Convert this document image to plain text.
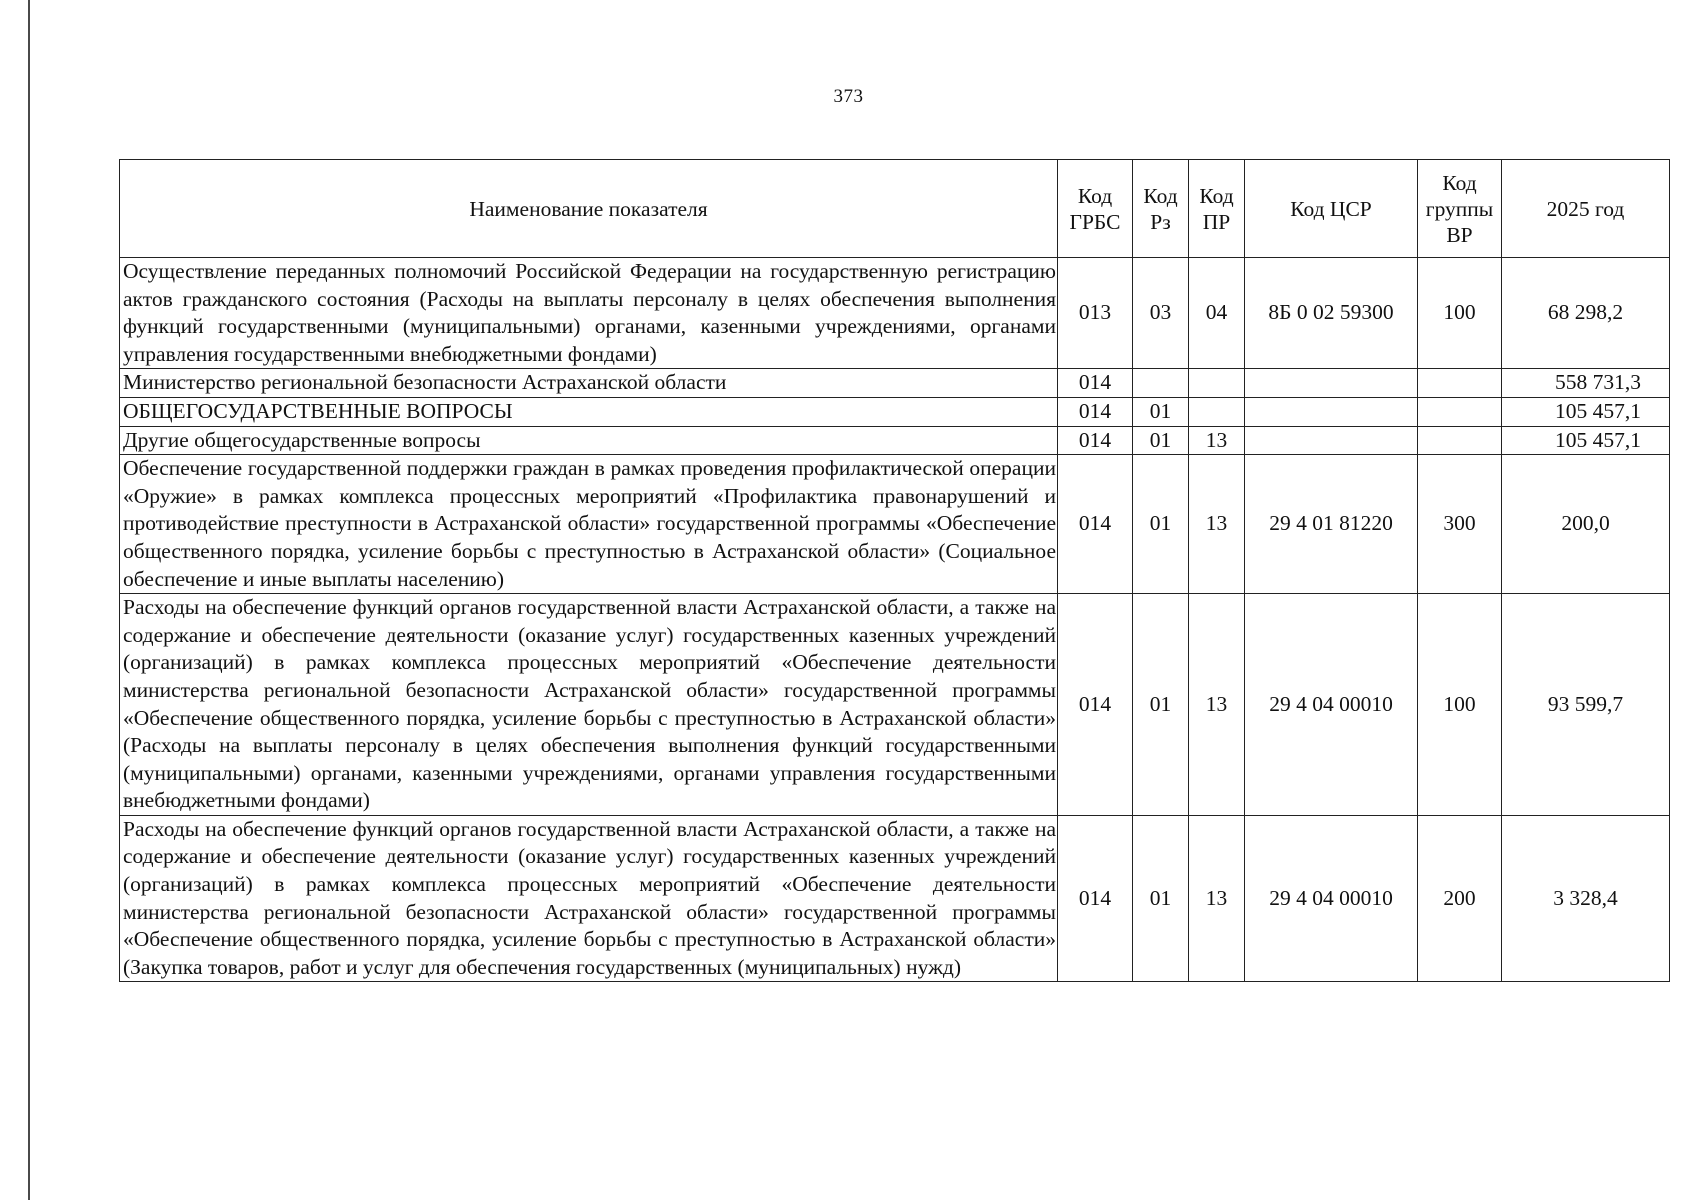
373
Наименование показателя	Код ГРБС	Код Рз	Код ПР	Код ЦСР	Код группы ВР	2025 год
Осуществление переданных полномочий Российской Федерации на государственную регистрацию актов гражданского состояния (Расходы на выплаты персоналу в целях обеспечения выполнения функций государственными (муниципальными) органами, казенными учреждениями, органами управления государственными внебюджетными фондами)	013	03	04	8Б 0 02 59300	100	68 298,2
Министерство региональной безопасности Астраханской области	014					558 731,3
ОБЩЕГОСУДАРСТВЕННЫЕ ВОПРОСЫ	014	01				105 457,1
Другие общегосударственные вопросы	014	01	13			105 457,1
Обеспечение государственной поддержки граждан в рамках проведения профилактической операции «Оружие» в рамках комплекса процессных мероприятий «Профилактика правонарушений и противодействие преступности в Астраханской области» государственной программы «Обеспечение общественного порядка, усиление борьбы с преступностью в Астраханской области» (Социальное обеспечение и иные выплаты населению)	014	01	13	29 4 01 81220	300	200,0
Расходы на обеспечение функций органов государственной власти Астраханской области, а также на содержание и обеспечение деятельности (оказание услуг) государственных казенных учреждений (организаций) в рамках комплекса процессных мероприятий «Обеспечение деятельности министерства региональной безопасности Астраханской области» государственной программы «Обеспечение общественного порядка, усиление борьбы с преступностью в Астраханской области» (Расходы на выплаты персоналу в целях обеспечения выполнения функций государственными (муниципальными) органами, казенными учреждениями, органами управления государственными внебюджетными фондами)	014	01	13	29 4 04 00010	100	93 599,7
Расходы на обеспечение функций органов государственной власти Астраханской области, а также на содержание и обеспечение деятельности (оказание услуг) государственных казенных учреждений (организаций) в рамках комплекса процессных мероприятий «Обеспечение деятельности министерства региональной безопасности Астраханской области» государственной программы «Обеспечение общественного порядка, усиление борьбы с преступностью в Астраханской области» (Закупка товаров, работ и услуг для обеспечения государственных (муниципальных) нужд)	014	01	13	29 4 04 00010	200	3 328,4
